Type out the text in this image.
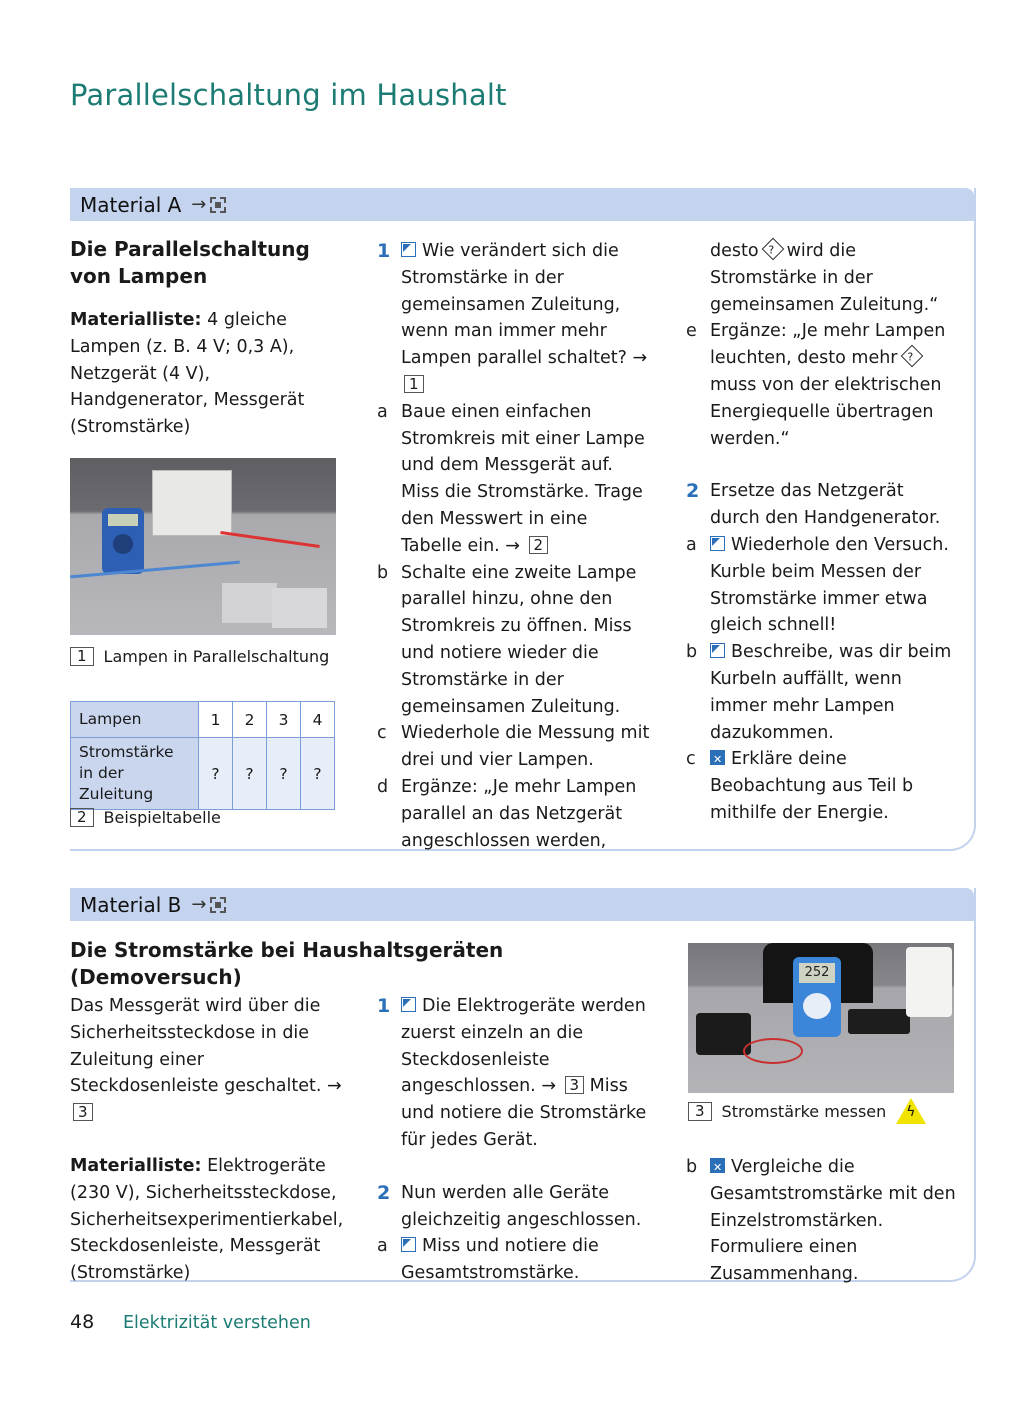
Parallelschaltung im Haushalt
Material A →
Die Parallelschaltung von Lampen
Materialliste: 4 gleiche Lampen (z. B. 4 V; 0,3 A), Netzgerät (4 V), Handgenerator, Messgerät (Stromstärke)
1	Lampen in Parallelschaltung
Lampen	1	2	3	4
Stromstärke in der Zuleitung	?	?	?	?
2	Beispieltabelle
1	Wie verändert sich die Stromstärke in der gemeinsamen Zuleitung, wenn man immer mehr Lampen parallel schaltet? → 1
a Baue einen einfachen Stromkreis mit einer Lampe und dem Messgerät auf. Miss die Stromstärke. Trage den Messwert in eine Tabelle ein. → 2
b Schalte eine zweite Lampe parallel hinzu, ohne den Stromkreis zu öffnen. Miss und notiere wieder die Stromstärke in der gemeinsamen Zuleitung.
c Wiederhole die Messung mit drei und vier Lampen.
d Ergänze: „Je mehr Lampen parallel an das Netzgerät angeschlossen werden,
desto ? wird die Stromstärke in der gemeinsamen Zuleitung.“
e Ergänze: „Je mehr Lampen leuchten, desto mehr ?
muss von der elektrischen Energiequelle übertragen werden.“
2 Ersetze das Netzgerät durch den Handgenerator.
a	Wiederhole den Versuch. Kurble beim Messen der Stromstärke immer etwa gleich schnell!
b	Beschreibe, was dir beim Kurbeln auffällt, wenn immer mehr Lampen dazukommen.
c ✕	Erkläre deine Beobachtung aus Teil b mithilfe der Energie.
Material B →
Die Stromstärke bei Haushaltsgeräten (Demoversuch)
Das Messgerät wird über die Sicherheitssteckdose in die Zuleitung einer Steckdosenleiste geschaltet. → 3
Materialliste: Elektrogeräte (230 V), Sicherheitssteckdose, Sicherheitsexperimentierkabel, Steckdosenleiste, Messgerät (Stromstärke)
1	Die Elektrogeräte werden zuerst einzeln an die Steckdosenleiste angeschlossen. → 3 Miss und notiere die Stromstärke für jedes Gerät.
2 Nun werden alle Geräte gleichzeitig angeschlossen.
a	Miss und notiere die Gesamtstromstärke.
252
3	Stromstärke messen ϟ
b ✕	Vergleiche die Gesamtstromstärke mit den Einzelstromstärken. Formuliere einen Zusammenhang.
48 Elektrizität verstehen
